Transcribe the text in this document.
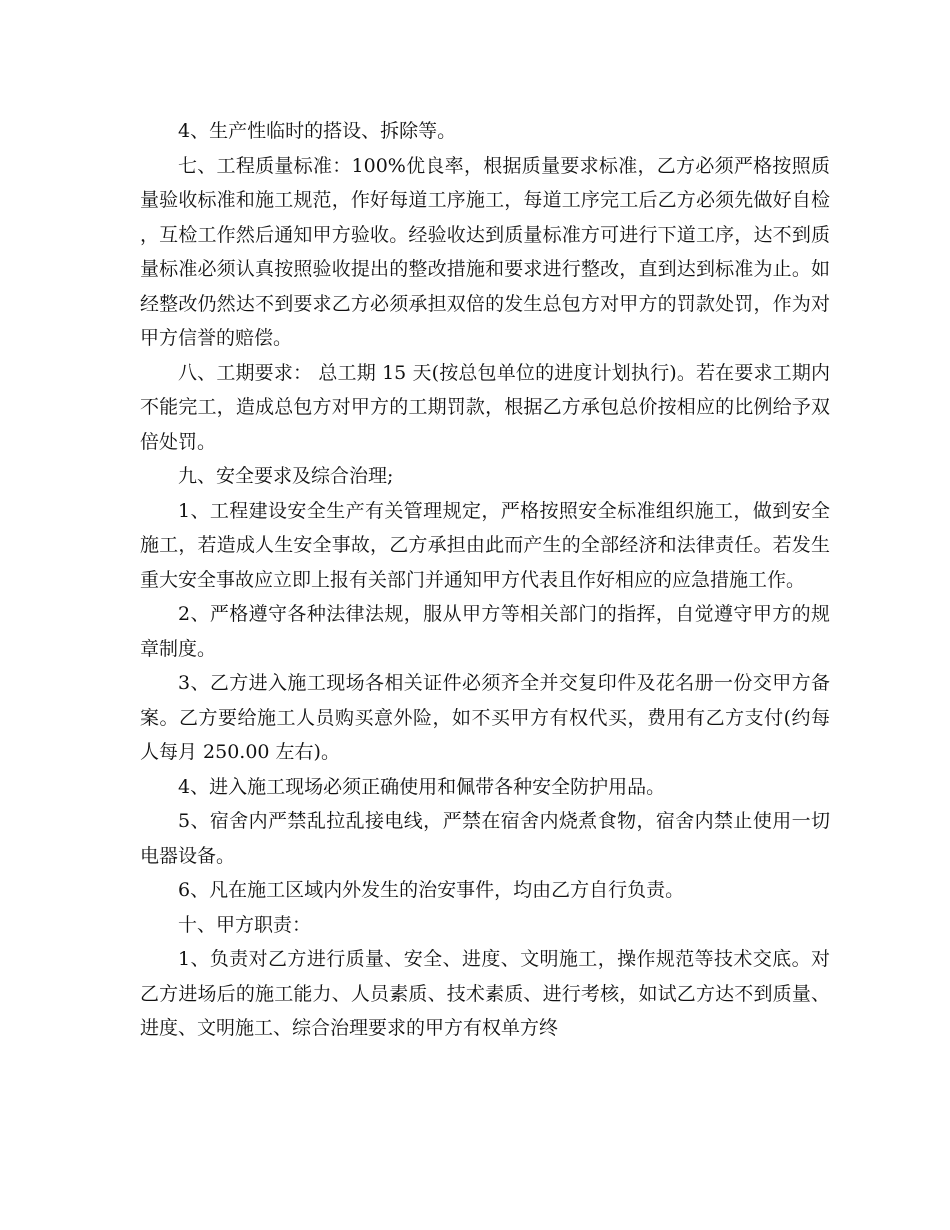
4、生产性临时的搭设、拆除等。

七、工程质量标准：100%优良率，根据质量要求标准，乙方必须严格按照质量验收标准和施工规范，作好每道工序施工，每道工序完工后乙方必须先做好自检，互检工作然后通知甲方验收。经验收达到质量标准方可进行下道工序，达不到质量标准必须认真按照验收提出的整改措施和要求进行整改，直到达到标准为止。如经整改仍然达不到要求乙方必须承担双倍的发生总包方对甲方的罚款处罚，作为对甲方信誉的赔偿。

八、工期要求： 总工期 15 天(按总包单位的进度计划执行)。若在要求工期内不能完工，造成总包方对甲方的工期罚款，根据乙方承包总价按相应的比例给予双倍处罚。

九、安全要求及综合治理;

1、工程建设安全生产有关管理规定，严格按照安全标准组织施工，做到安全施工，若造成人生安全事故，乙方承担由此而产生的全部经济和法律责任。若发生重大安全事故应立即上报有关部门并通知甲方代表且作好相应的应急措施工作。

2、严格遵守各种法律法规，服从甲方等相关部门的指挥，自觉遵守甲方的规章制度。

3、乙方进入施工现场各相关证件必须齐全并交复印件及花名册一份交甲方备案。乙方要给施工人员购买意外险，如不买甲方有权代买，费用有乙方支付(约每人每月 250.00 左右)。

4、进入施工现场必须正确使用和佩带各种安全防护用品。

5、宿舍内严禁乱拉乱接电线，严禁在宿舍内烧煮食物，宿舍内禁止使用一切电器设备。

6、凡在施工区域内外发生的治安事件，均由乙方自行负责。

十、甲方职责：

1、负责对乙方进行质量、安全、进度、文明施工，操作规范等技术交底。对乙方进场后的施工能力、人员素质、技术素质、进行考核，如试乙方达不到质量、进度、文明施工、综合治理要求的甲方有权单方终
